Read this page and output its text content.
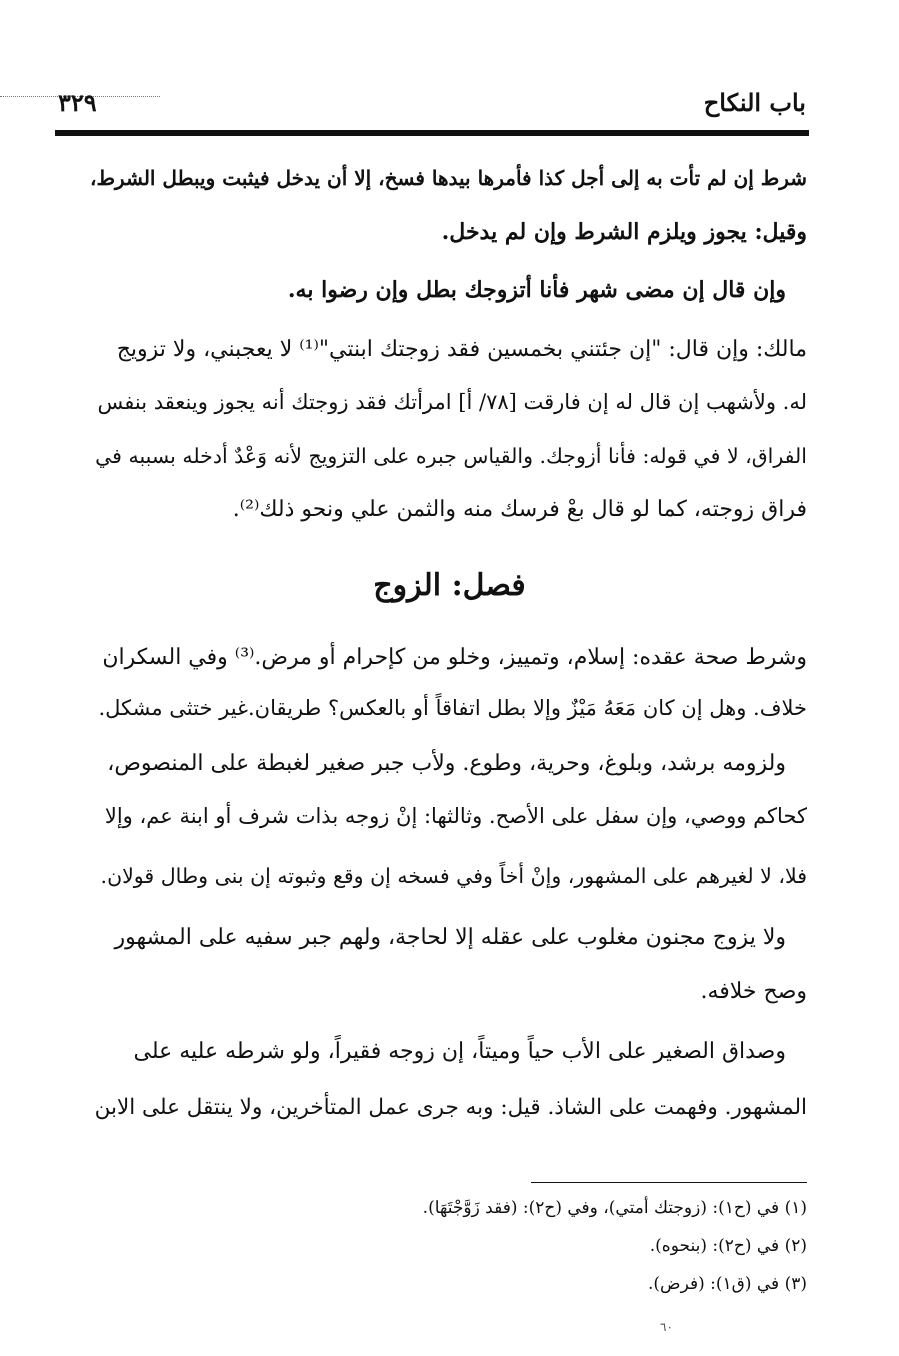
باب النكاح
٣٢٩
شرط إن لم تأت به إلى أجل كذا فأمرها بيدها فسخ، إلا أن يدخل فيثبت ويبطل الشرط،
وقيل: يجوز ويلزم الشرط وإن لم يدخل.
وإن قال إن مضى شهر فأنا أتزوجك بطل وإن رضوا به.
مالك: وإن قال: "إن جئتني بخمسين فقد زوجتك ابنتي"⁽¹⁾ لا يعجبني، ولا تزويج
له. ولأشهب إن قال له إن فارقت [٧٨/ أ] امرأتك فقد زوجتك أنه يجوز وينعقد بنفس
الفراق، لا في قوله: فأنا أزوجك. والقياس جبره على التزويج لأنه وَعْدٌ أدخله بسببه في
فراق زوجته، كما لو قال بعْ فرسك منه والثمن علي ونحو ذلك⁽²⁾.
فصل: الزوج
وشرط صحة عقده: إسلام، وتمييز، وخلو من كإحرام أو مرض.⁽³⁾ وفي السكران
خلاف. وهل إن كان مَعَهُ مَيْزٌ وإلا بطل اتفاقاً أو بالعكس؟ طريقان.غير ختثى مشكل.
ولزومه برشد، وبلوغ، وحرية، وطوع. ولأب جبر صغير لغبطة على المنصوص،
كحاكم ووصي، وإن سفل على الأصح. وثالثها: إنْ زوجه بذات شرف أو ابنة عم، وإلا
فلا، لا لغيرهم على المشهور، وإنْ أخاً وفي فسخه إن وقع وثبوته إن بنى وطال قولان.
ولا يزوج مجنون مغلوب على عقله إلا لحاجة، ولهم جبر سفيه على المشهور
وصح خلافه.
وصداق الصغير على الأب حياً وميتاً، إن زوجه فقيراً، ولو شرطه عليه على
المشهور. وفهمت على الشاذ. قيل: وبه جرى عمل المتأخرين، ولا ينتقل على الابن
(١) في (ح١): (زوجتك أمتي)، وفي (ح٢): (فقد زَوَّجْتَهَا).
(٢) في (ح٢): (بنحوه).
(٣) في (ق١): (فرض).
٦٠
